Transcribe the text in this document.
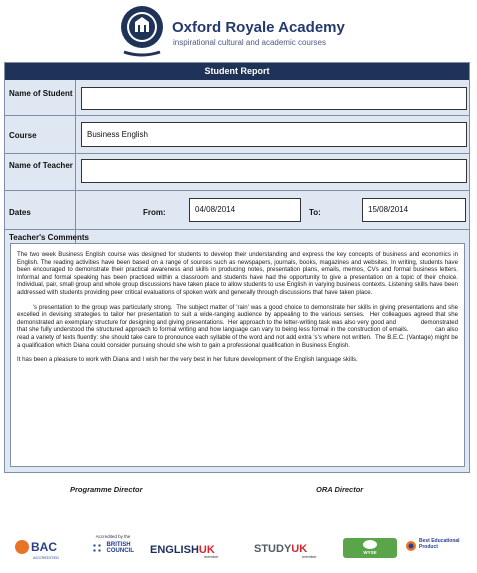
Oxford Royale Academy
inspirational cultural and academic courses
Student Report
Name of Student
Course	Business English
Name of Teacher
Dates	From:	04/08/2014	To:	15/08/2014
Teacher's Comments

The two week Business English course was designed for students to develop their understanding and express the key concepts of business and economics in English. The reading activities have been based on a range of sources such as newspapers, journals, books, magazines and websites. In writing, students have been encouraged to demonstrate their practical awareness and skills in producing notes, presentation plans, emails, memos, CVs and formal business letters. Informal and formal speaking has been practiced within a classroom and students have had the opportunity to give a presentation on a topic of their choice. Individual, pair, small group and whole group discussions have taken place to allow students to use English in varying business contexts. Listening skills have been addressed with students providing peer critical evaluations of spoken work and generally through discussions that have taken place.

's presentation to the group was particularly strong.  The subject matter of 'rain' was a good choice to demonstrate her skills in giving presentations and she excelled in devising strategies to tailor her presentation to suit a wide-ranging audience by appealing to the various senses.  Her colleagues agreed that she demonstrated an exemplary structure for designing and giving presentations.  Her approach to the letter-writing task was also very good and              demonstrated that she fully understood the structured approach to formal writing and how language can vary to being less formal in the construction of emails.              can also read a variety of texts fluently: she should take care to pronounce each syllable of the word and not add extra 's's where not written.  The B.E.C. (Vantage) might be a qualification which Diana could consider pursuing should she wish to gain a professional qualification in Business English.

It has been a pleasure to work with Diana and I wish her the very best in her future development of the English language skills.

Programme Director	ORA Director
BAC
ACCREDITED
Accredited by the
BRITISH
COUNCIL ENGLISHUK
member
STUDYUK
member
WYSE
Best Educational Product
